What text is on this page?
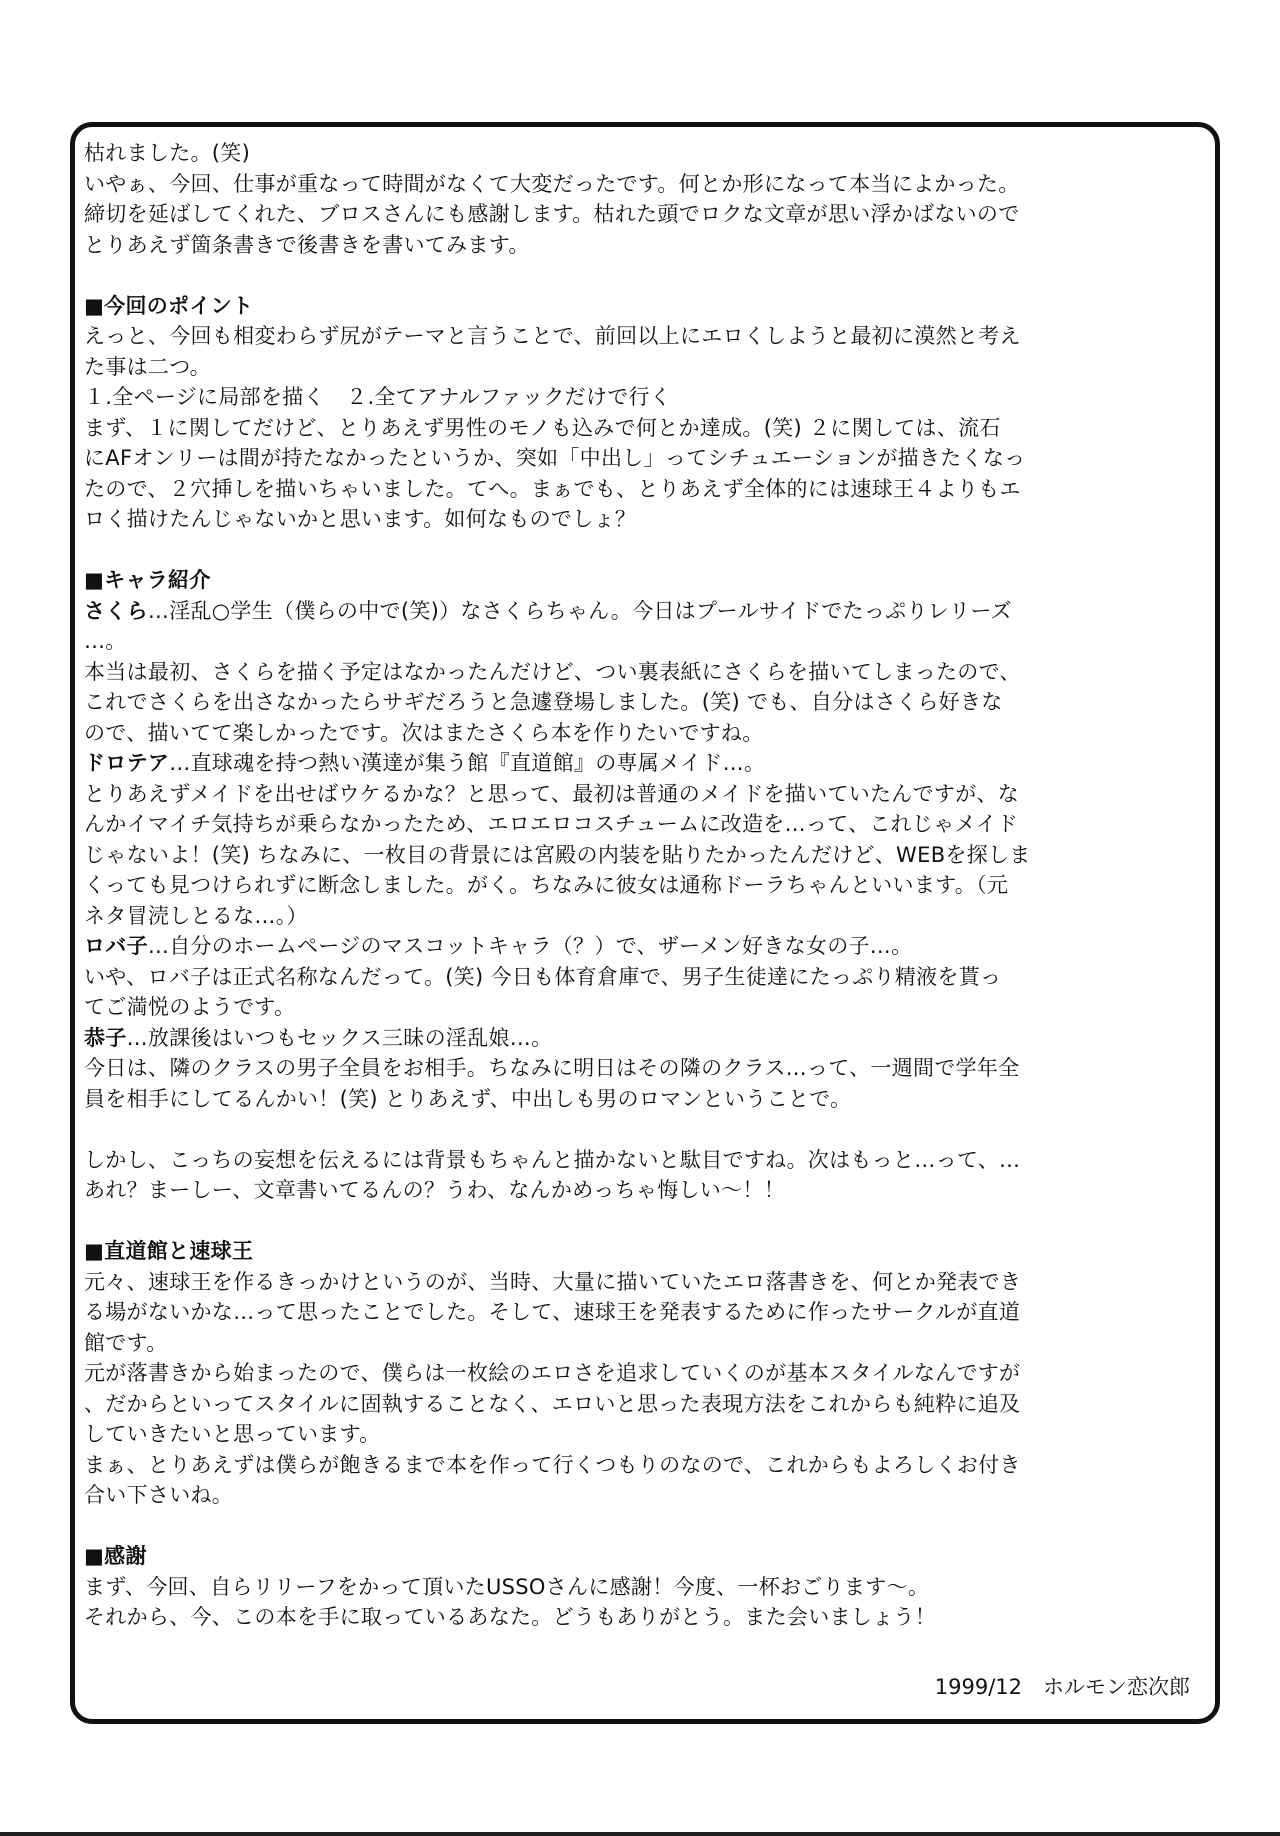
枯れました。(笑)
いやぁ、今回、仕事が重なって時間がなくて大変だったです。何とか形になって本当によかった。
締切を延ばしてくれた、ブロスさんにも感謝します。枯れた頭でロクな文章が思い浮かばないので
とりあえず箇条書きで後書きを書いてみます。
■今回のポイント
えっと、今回も相変わらず尻がテーマと言うことで、前回以上にエロくしようと最初に漠然と考え
た事は二つ。
１.全ページに局部を描く　２.全てアナルファックだけで行く
まず、１に関してだけど、とりあえず男性のモノも込みで何とか達成。(笑) ２に関しては、流石
にAFオンリーは間が持たなかったというか、突如「中出し」ってシチュエーションが描きたくなっ
たので、２穴挿しを描いちゃいました。てへ。まぁでも、とりあえず全体的には速球王４よりもエ
ロく描けたんじゃないかと思います。如何なものでしょ？
■キャラ紹介
さくら…淫乱○学生（僕らの中で(笑)）なさくらちゃん。今日はプールサイドでたっぷりレリーズ
…。
本当は最初、さくらを描く予定はなかったんだけど、つい裏表紙にさくらを描いてしまったので、
これでさくらを出さなかったらサギだろうと急遽登場しました。(笑) でも、自分はさくら好きな
ので、描いてて楽しかったです。次はまたさくら本を作りたいですね。
ドロテア…直球魂を持つ熱い漢達が集う館『直道館』の専属メイド…。
とりあえずメイドを出せばウケるかな？と思って、最初は普通のメイドを描いていたんですが、な
んかイマイチ気持ちが乗らなかったため、エロエロコスチュームに改造を…って、これじゃメイド
じゃないよ！(笑) ちなみに、一枚目の背景には宮殿の内装を貼りたかったんだけど、WEBを探しま
くっても見つけられずに断念しました。がく。ちなみに彼女は通称ドーラちゃんといいます。（元
ネタ冒涜しとるな…。）
ロバ子…自分のホームページのマスコットキャラ（？）で、ザーメン好きな女の子…。
いや、ロバ子は正式名称なんだって。(笑) 今日も体育倉庫で、男子生徒達にたっぷり精液を貰っ
てご満悦のようです。
恭子…放課後はいつもセックス三昧の淫乱娘…。
今日は、隣のクラスの男子全員をお相手。ちなみに明日はその隣のクラス…って、一週間で学年全
員を相手にしてるんかい！(笑) とりあえず、中出しも男のロマンということで。
しかし、こっちの妄想を伝えるには背景もちゃんと描かないと駄目ですね。次はもっと…って、…
あれ？まーしー、文章書いてるんの？うわ、なんかめっちゃ悔しい～！！
■直道館と速球王
元々、速球王を作るきっかけというのが、当時、大量に描いていたエロ落書きを、何とか発表でき
る場がないかな…って思ったことでした。そして、速球王を発表するために作ったサークルが直道
館です。
元が落書きから始まったので、僕らは一枚絵のエロさを追求していくのが基本スタイルなんですが
、だからといってスタイルに固執することなく、エロいと思った表現方法をこれからも純粋に追及
していきたいと思っています。
まぁ、とりあえずは僕らが飽きるまで本を作って行くつもりのなので、これからもよろしくお付き
合い下さいね。
■感謝
まず、今回、自らリリーフをかって頂いたUSSOさんに感謝！今度、一杯おごります～。
それから、今、この本を手に取っているあなた。どうもありがとう。また会いましょう！
1999/12　ホルモン恋次郎
